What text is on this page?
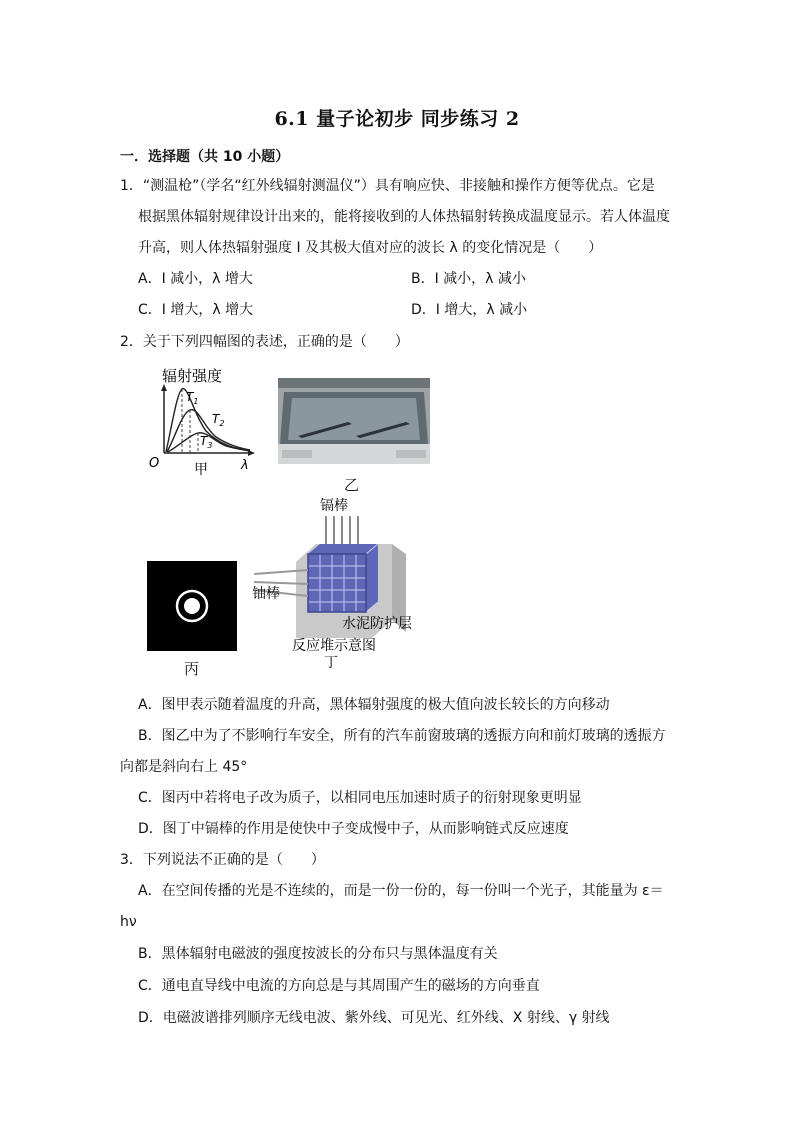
6.1 量子论初步 同步练习 2
一．选择题（共 10 小题）
1．“测温枪”（学名“红外线辐射测温仪”）具有响应快、非接触和操作方便等优点。它是
根据黑体辐射规律设计出来的，能将接收到的人体热辐射转换成温度显示。若人体温度
升高，则人体热辐射强度 I 及其极大值对应的波长 λ 的变化情况是（　　）
A．I 减小，λ 增大	B．I 减小，λ 减小
C．I 增大，λ 增大	D．I 增大，λ 减小
2．关于下列四幅图的表述，正确的是（　　）
辐射强度
$T_1$
$T_2$
$T_3$
O	λ
甲
乙
丙
镉棒
铀棒
水泥防护层
反应堆示意图
丁
A．图甲表示随着温度的升高，黑体辐射强度的极大值向波长较长的方向移动
B．图乙中为了不影响行车安全，所有的汽车前窗玻璃的透振方向和前灯玻璃的透振方
向都是斜向右上 45°
C．图丙中若将电子改为质子，以相同电压加速时质子的衍射现象更明显
D．图丁中镉棒的作用是使快中子变成慢中子，从而影响链式反应速度
3．下列说法不正确的是（　　）
A．在空间传播的光是不连续的，而是一份一份的，每一份叫一个光子，其能量为 ε＝
hν
B．黑体辐射电磁波的强度按波长的分布只与黑体温度有关
C．通电直导线中电流的方向总是与其周围产生的磁场的方向垂直
D．电磁波谱排列顺序无线电波、紫外线、可见光、红外线、X 射线、γ 射线
